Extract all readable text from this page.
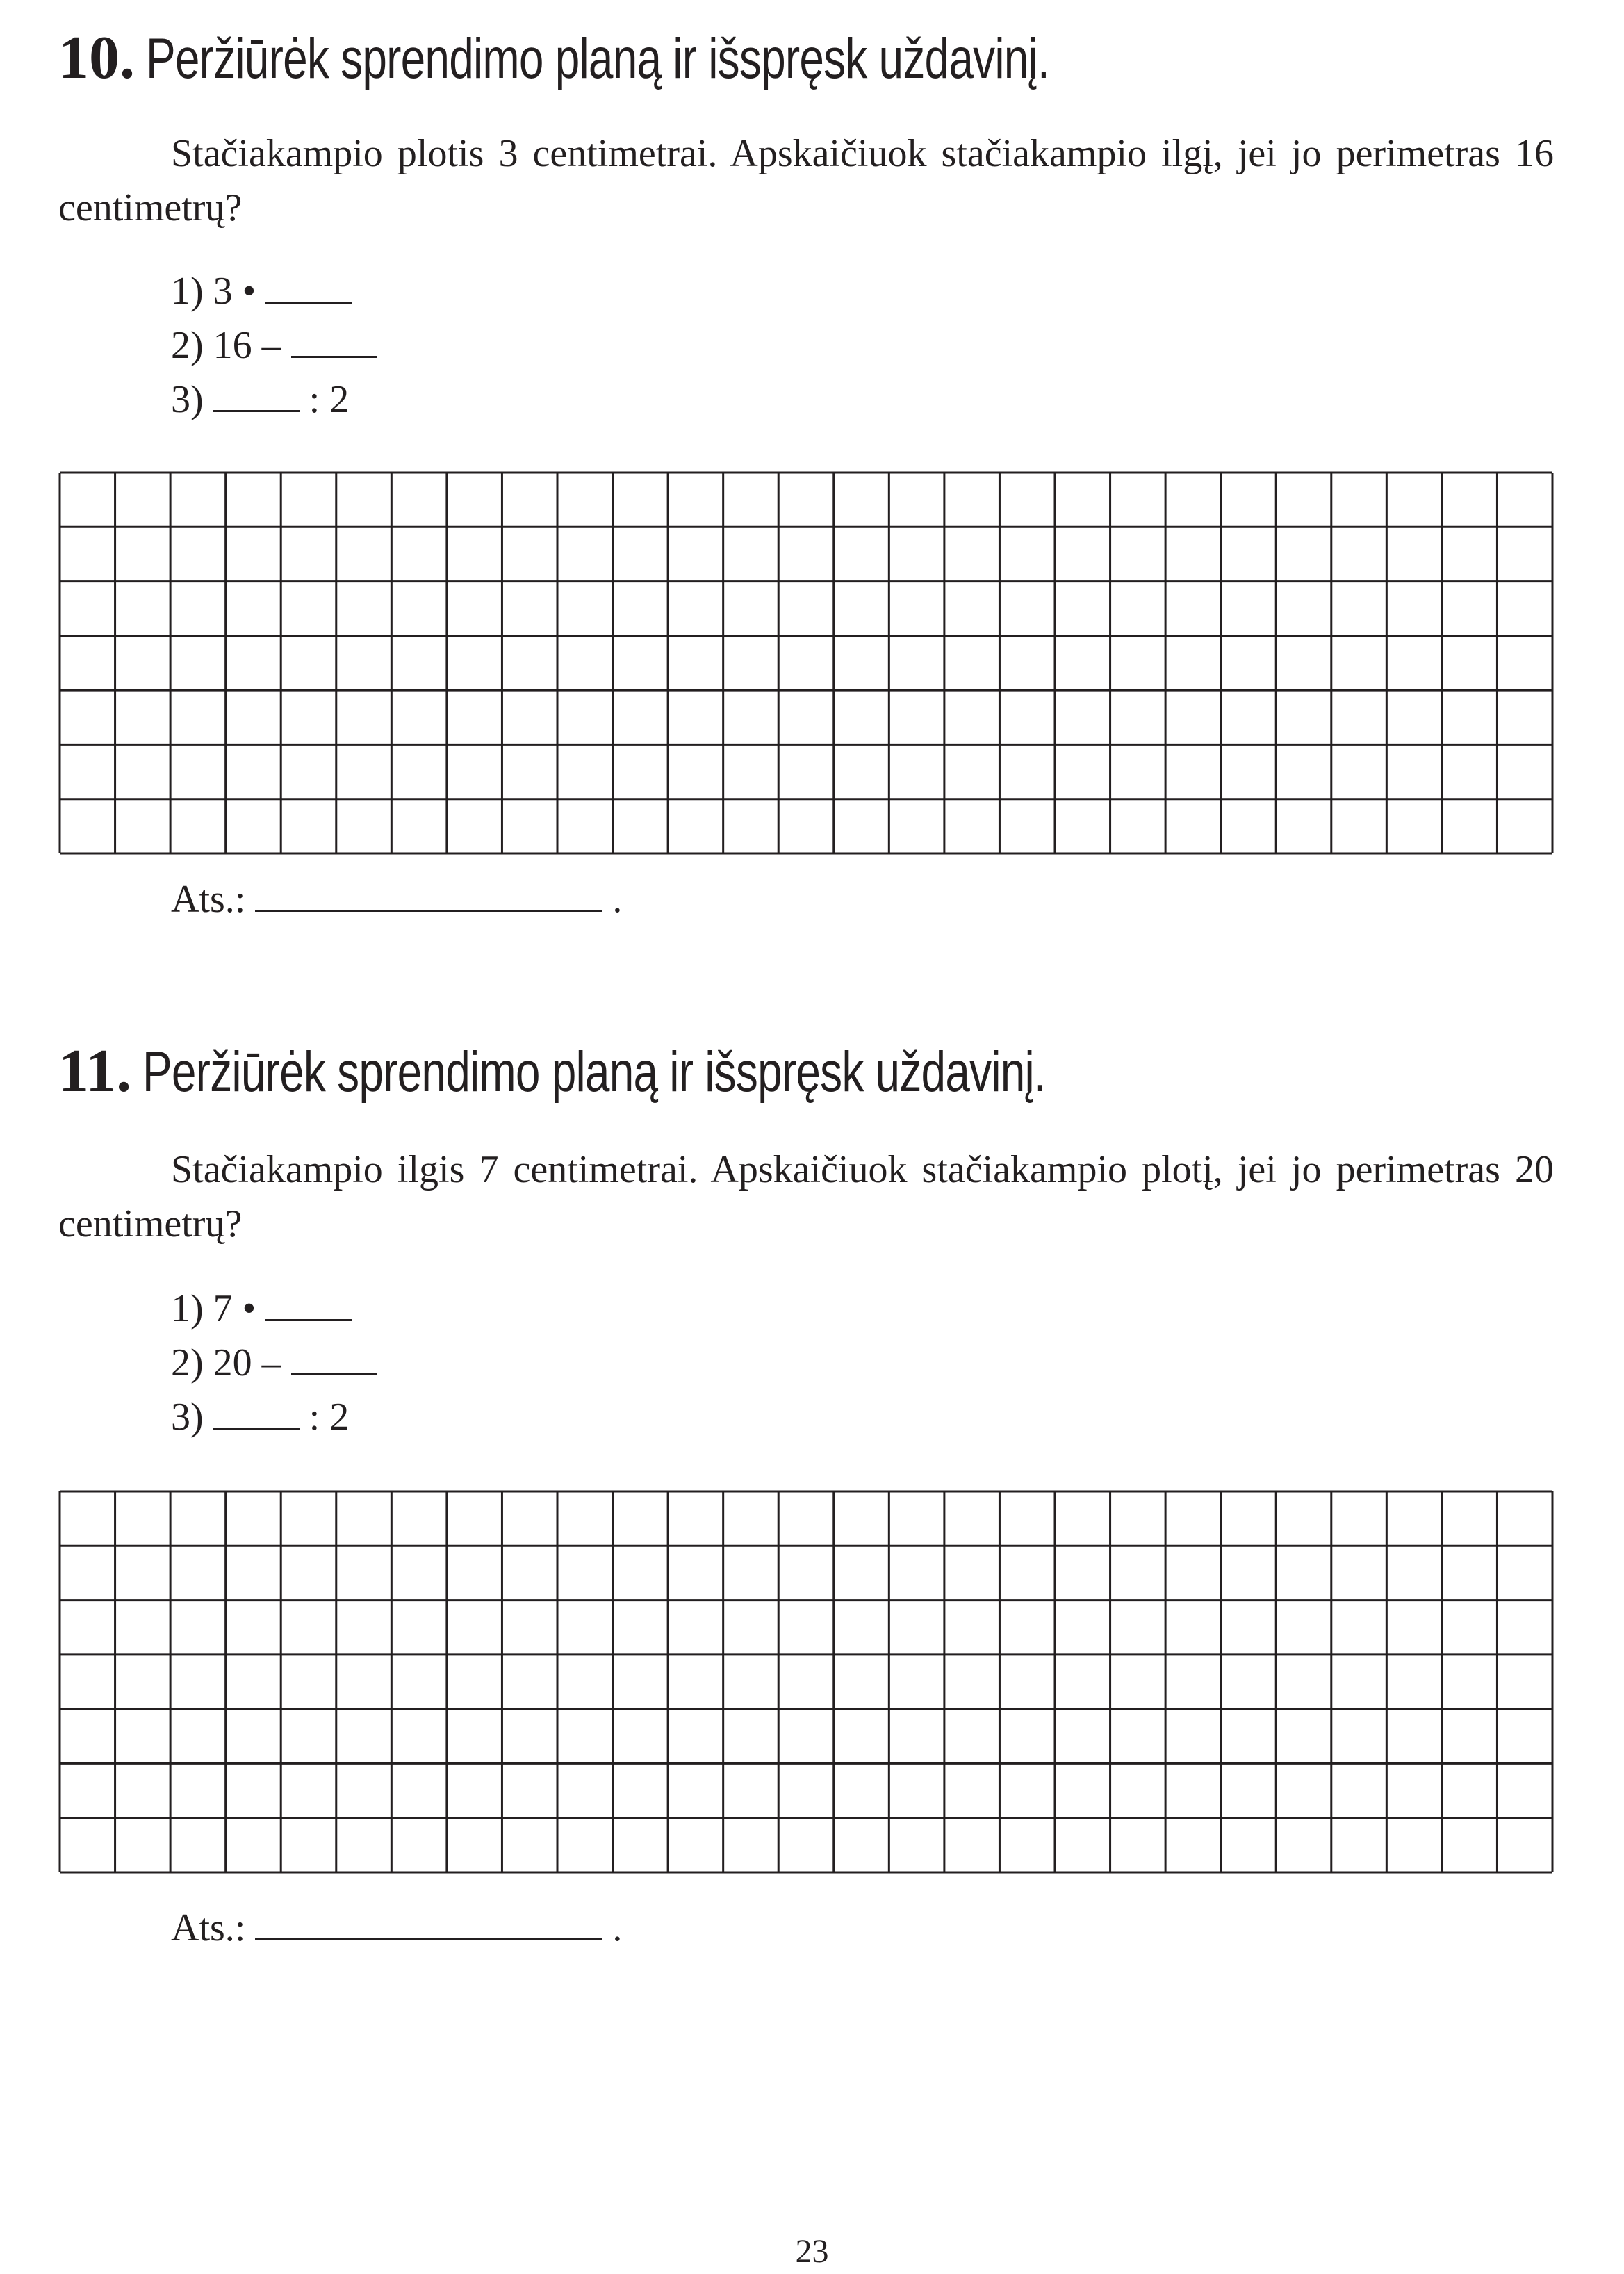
10. Peržiūrėk sprendimo planą ir išspręsk uždavinį.

Stačiakampio plotis 3 centimetrai. Apskaičiuok stačiakampio ilgį, jei jo perimetras 16 centimetrų?

1) 3 •
2) 16 –
3)	: 2
Ats.:	.
11. Peržiūrėk sprendimo planą ir išspręsk uždavinį.

Stačiakampio ilgis 7 centimetrai. Apskaičiuok stačiakampio plotį, jei jo perimetras 20 centimetrų?

1) 7 •
2) 20 –
3)	: 2
Ats.:	.
23
